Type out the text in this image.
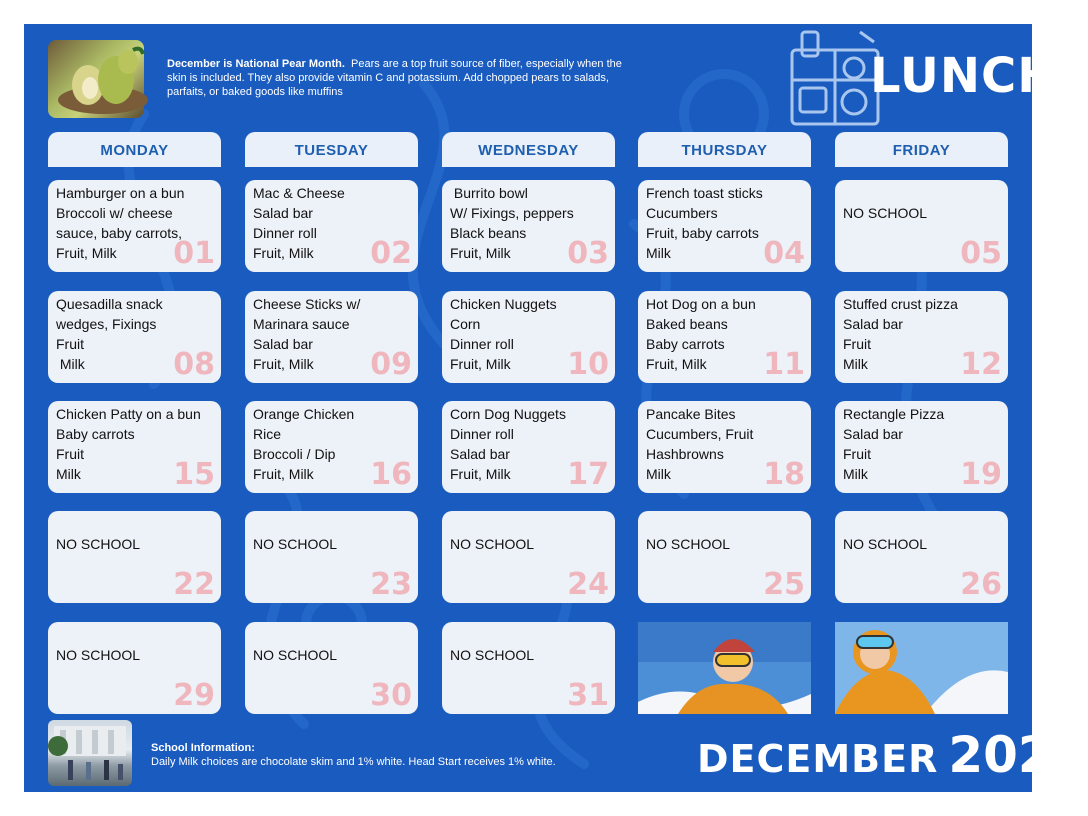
December is National Pear Month. Pears are a top fruit source of fiber, especially when the skin is included. They also provide vitamin C and potassium. Add chopped pears to salads, parfaits, or baked goods like muffins	LUNCH
MONDAY	TUESDAY	WEDNESDAY	THURSDAY	FRIDAY
Hamburger on a bun
Broccoli w/ cheese
sauce, baby carrots,
Fruit, Milk	01
Mac & Cheese
Salad bar
Dinner roll
Fruit, Milk	02
Burrito bowl
W/ Fixings, peppers
Black beans
Fruit, Milk	03
French toast sticks
Cucumbers
Fruit, baby carrots
Milk	04
NO SCHOOL
05
Quesadilla snack
wedges, Fixings
Fruit
Milk	08
Cheese Sticks w/
Marinara sauce
Salad bar
Fruit, Milk	09
Chicken Nuggets
Corn
Dinner roll
Fruit, Milk	10
Hot Dog on a bun
Baked beans
Baby carrots
Fruit, Milk	11
Stuffed crust pizza
Salad bar
Fruit
Milk	12
Chicken Patty on a bun
Baby carrots
Fruit
Milk	15
Orange Chicken
Rice
Broccoli / Dip
Fruit, Milk	16
Corn Dog Nuggets
Dinner roll
Salad bar
Fruit, Milk	17
Pancake Bites
Cucumbers, Fruit
Hashbrowns
Milk	18
Rectangle Pizza
Salad bar
Fruit
Milk	19
NO SCHOOL
22
NO SCHOOL
23
NO SCHOOL
24
NO SCHOOL
25
NO SCHOOL
26
NO SCHOOL
29
NO SCHOOL
30
NO SCHOOL
31
School Information:
Daily Milk choices are chocolate skim and 1% white. Head Start receives 1% white.	DECEMBER 2025
